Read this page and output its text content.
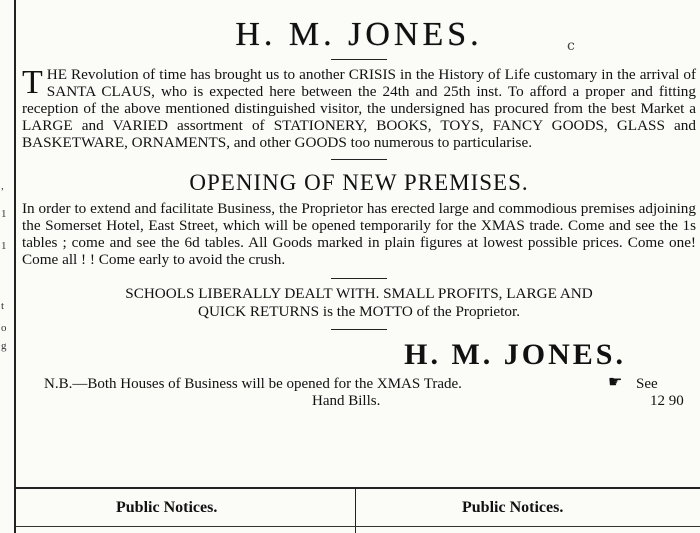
,
1
1
t
o
g
H. M. JONES.	c

THE Revolution of time has brought us to another CRISIS in the History of Life customary in the arrival of SANTA CLAUS, who is expected here between the 24th and 25th inst. To afford a proper and fitting reception of the above mentioned distinguished visitor, the undersigned has procured from the best Market a LARGE and VARIED assortment of STATIONERY, BOOKS, TOYS, FANCY GOODS, GLASS and BASKETWARE, ORNAMENTS, and other GOODS too numerous to particularise.

OPENING OF NEW PREMISES.

In order to extend and facilitate Business, the Proprietor has erected large and commodious premises adjoining the Somerset Hotel, East Street, which will be opened temporarily for the XMAS trade. Come and see the 1s tables ; come and see the 6d tables. All Goods marked in plain figures at lowest possible prices. Come one! Come all ! ! Come early to avoid the crush.

SCHOOLS LIBERALLY DEALT WITH. SMALL PROFITS, LARGE AND

QUICK RETURNS is the MOTTO of the Proprietor.

H. M. JONES.
N.B.—Both Houses of Business will be opened for the XMAS Trade.	☛ See
Hand Bills.	12 90
Public Notices.	Public Notices.
